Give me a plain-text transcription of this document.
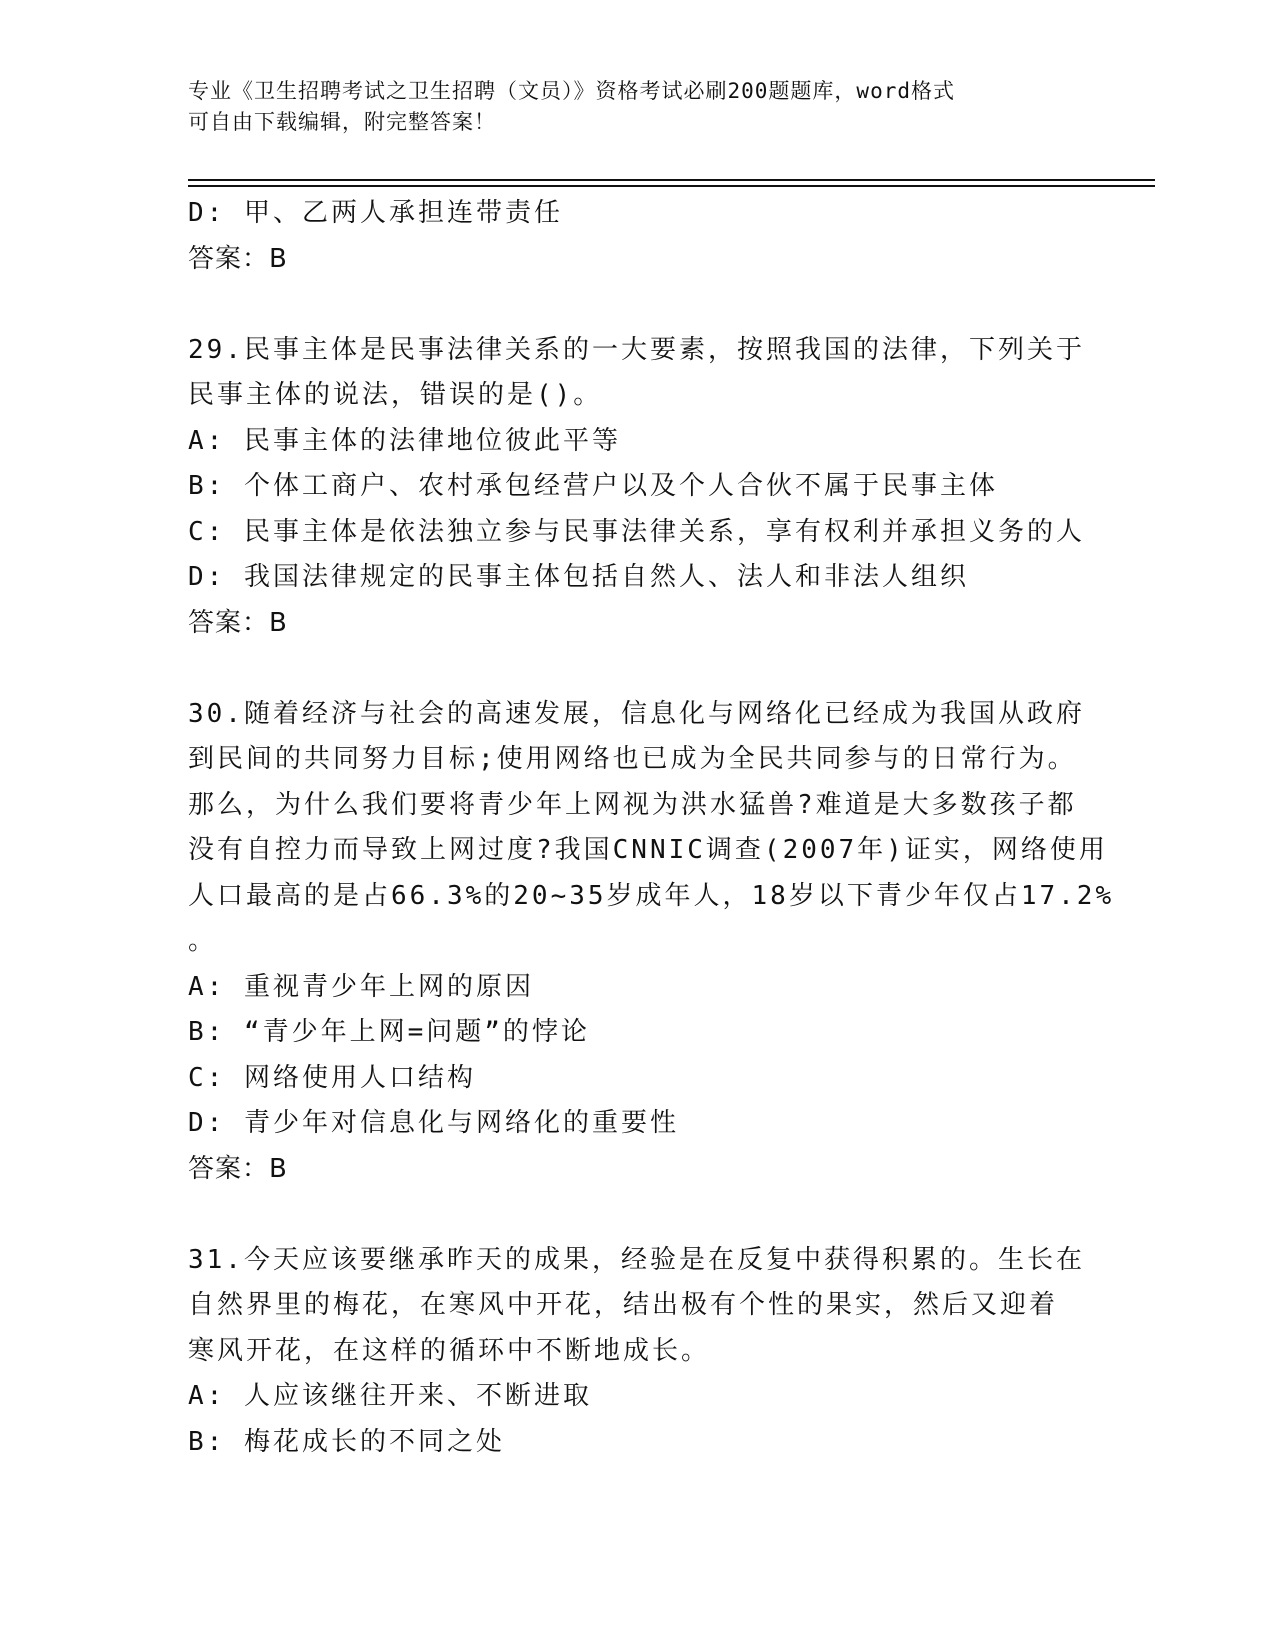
专业《卫生招聘考试之卫生招聘（文员）》资格考试必刷200题题库，word格式
可自由下载编辑，附完整答案！
D: 甲、乙两人承担连带责任
答案：B
29.民事主体是民事法律关系的一大要素，按照我国的法律，下列关于
民事主体的说法，错误的是()。
A: 民事主体的法律地位彼此平等
B: 个体工商户、农村承包经营户以及个人合伙不属于民事主体
C: 民事主体是依法独立参与民事法律关系，享有权利并承担义务的人
D: 我国法律规定的民事主体包括自然人、法人和非法人组织
答案：B
30.随着经济与社会的高速发展，信息化与网络化已经成为我国从政府
到民间的共同努力目标;使用网络也已成为全民共同参与的日常行为。
那么，为什么我们要将青少年上网视为洪水猛兽?难道是大多数孩子都
没有自控力而导致上网过度?我国CNNIC调查(2007年)证实，网络使用
人口最高的是占66.3%的20~35岁成年人，18岁以下青少年仅占17.2%
。
A: 重视青少年上网的原因
B: “青少年上网=问题”的悖论
C: 网络使用人口结构
D: 青少年对信息化与网络化的重要性
答案：B
31.今天应该要继承昨天的成果，经验是在反复中获得积累的。生长在
自然界里的梅花，在寒风中开花，结出极有个性的果实，然后又迎着
寒风开花，在这样的循环中不断地成长。
A: 人应该继往开来、不断进取
B: 梅花成长的不同之处
